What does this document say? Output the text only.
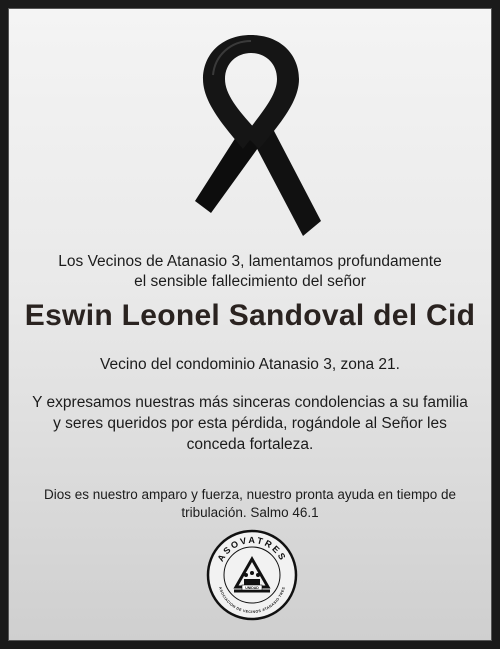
Los Vecinos de Atanasio 3, lamentamos profundamente
el sensible fallecimiento del señor
Eswin Leonel Sandoval del Cid
Vecino del condominio Atanasio 3, zona 21.
Y expresamos nuestras más sinceras condolencias a su familia y seres queridos por esta pérdida, rogándole al Señor les conceda fortaleza.
Dios es nuestro amparo y fuerza, nuestro pronta ayuda en tiempo de tribulación. Salmo 46.1
ASOVATRES
ASOCIACION DE VECINOS ATANASIO TRES
UNIDAD
